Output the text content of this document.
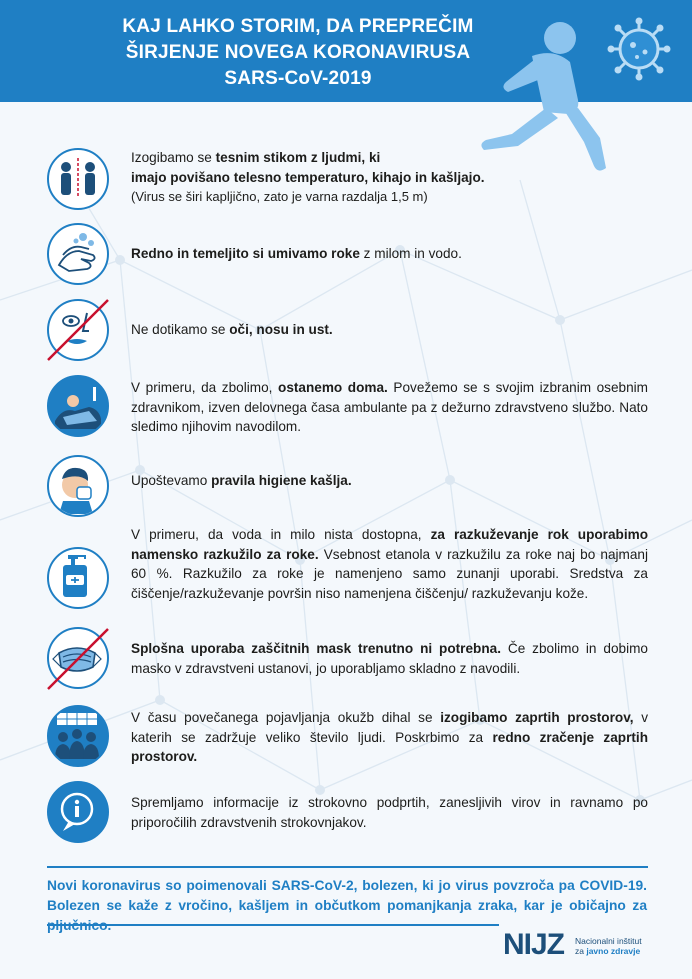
KAJ LAHKO STORIM, DA PREPREČIM
ŠIRJENJE NOVEGA KORONAVIRUSA
SARS-CoV-2019
Izogibamo se tesnim stikom z ljudmi, ki
imajo povišano telesno temperaturo, kihajo in kašljajo.
(Virus se širi kapljično, zato je varna razdalja 1,5 m)
Redno in temeljito si umivamo roke z milom in vodo.
Ne dotikamo se oči, nosu in ust.
V primeru, da zbolimo, ostanemo doma. Povežemo se s svojim izbranim osebnim zdravnikom, izven delovnega časa ambulante pa z dežurno zdravstveno službo. Nato sledimo njihovim navodilom.
Upoštevamo pravila higiene kašlja.
V primeru, da voda in milo nista dostopna, za razkuževanje rok uporabimo namensko razkužilo za roke. Vsebnost etanola v razkužilu za roke naj bo najmanj 60 %. Razkužilo za roke je namenjeno samo zunanji uporabi. Sredstva za čiščenje/razkuževanje površin niso namenjena čiščenju/ razkuževanju kože.
Splošna uporaba zaščitnih mask trenutno ni potrebna. Če zbolimo in dobimo masko v zdravstveni ustanovi, jo uporabljamo skladno z navodili.
V času povečanega pojavljanja okužb dihal se izogibamo zaprtih prostorov, v katerih se zadržuje veliko število ljudi. Poskrbimo za redno zračenje zaprtih prostorov.
Spremljamo informacije iz strokovno podprtih, zanesljivih virov in ravnamo po priporočilih zdravstvenih strokovnjakov.
Novi koronavirus so poimenovali SARS-CoV-2, bolezen, ki jo virus povzroča pa COVID-19. Bolezen se kaže z vročino, kašljem in občutkom pomanjkanja zraka, kar je običajno za
NIJZ Nacionalni inštitut
za javno zdravje
